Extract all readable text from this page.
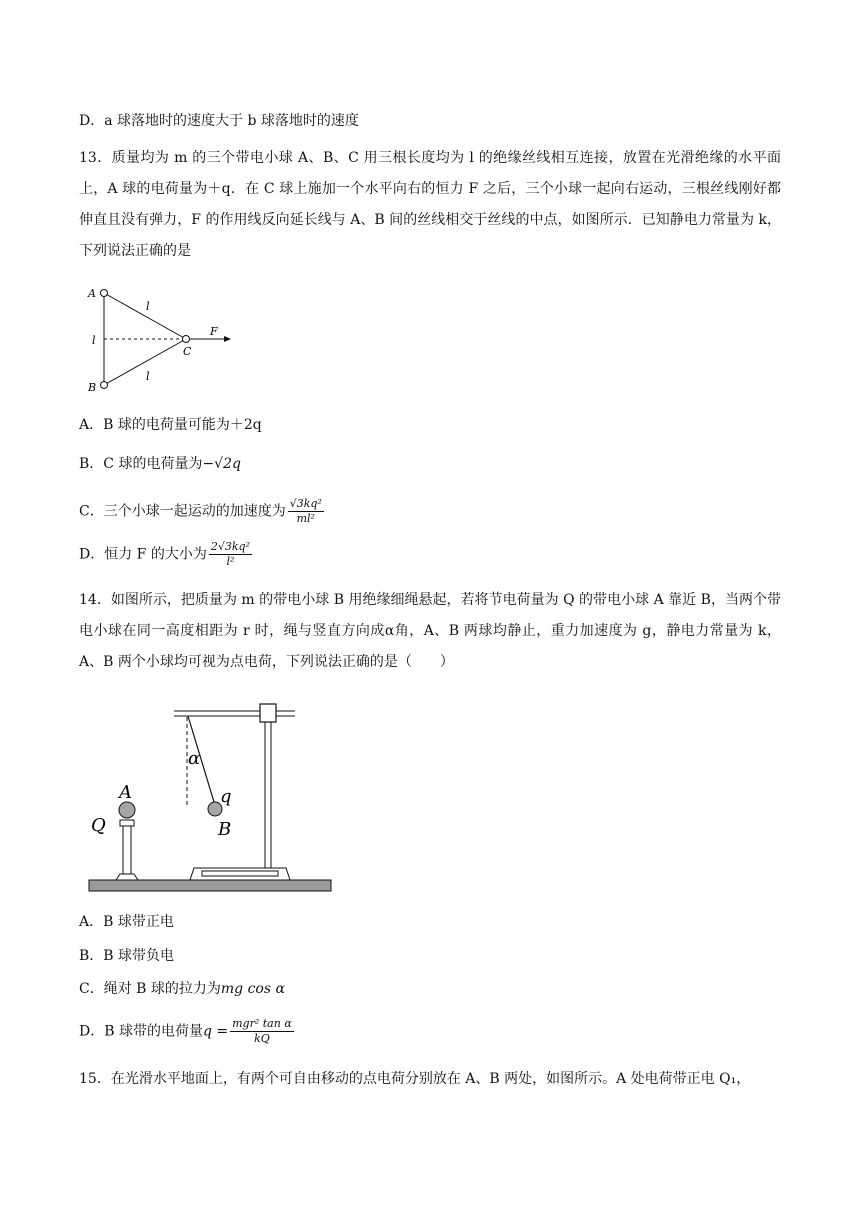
D．a 球落地时的速度大于 b 球落地时的速度
13．质量均为 m 的三个带电小球 A、B、C 用三根长度均为 l 的绝缘丝线相互连接，放置在光滑绝缘的水平面上，A 球的电荷量为＋q．在 C 球上施加一个水平向右的恒力 F 之后，三个小球一起向右运动，三根丝线刚好都伸直且没有弹力，F 的作用线反向延长线与 A、B 间的丝线相交于丝线的中点，如图所示．已知静电力常量为 k，下列说法正确的是
A
B
C
F
l
l
l
A．B 球的电荷量可能为＋2q
B．C 球的电荷量为−√2q
C．三个小球一起运动的加速度为 $\frac{\text{√3kq²}}{\text{ml²}}$
D．恒力 F 的大小为 $\frac{\text{2√3kq²}}{\text{l²}}$
14．如图所示，把质量为 m 的带电小球 B 用绝缘细绳悬起，若将节电荷量为 Q 的带电小球 A 靠近 B，当两个带电小球在同一高度相距为 r 时，绳与竖直方向成α角，A、B 两球均静止，重力加速度为 g，静电力常量为 k，A、B 两个小球均可视为点电荷，下列说法正确的是（　　）
A
Q
q
B
α
A．B 球带正电
B．B 球带负电
C．绳对 B 球的拉力为mg cos α
D．B 球带的电荷量$q = \frac{\text{mgr² tan α}}{kQ}$
15．在光滑水平地面上，有两个可自由移动的点电荷分别放在 A、B 两处，如图所示。A 处电荷带正电 Q₁，
